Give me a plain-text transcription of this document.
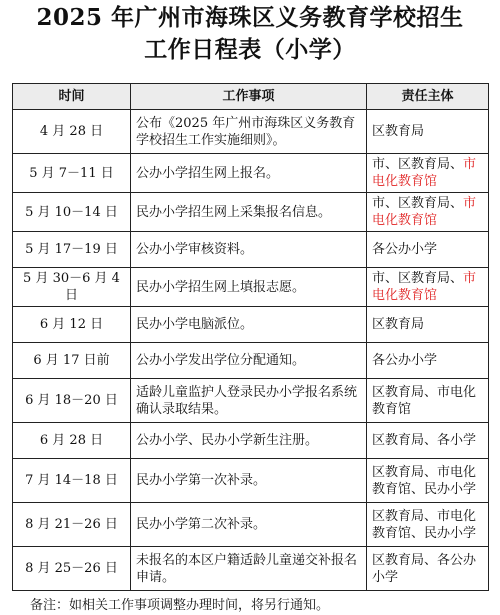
2025 年广州市海珠区义务教育学校招生
工作日程表（小学）
时间	工作事项	责任主体
4 月 28 日	公布《2025 年广州市海珠区义务教育学校招生工作实施细则》。	区教育局
5 月 7－11 日	公办小学招生网上报名。	市、区教育局、市电化教育馆
5 月 10－14 日	民办小学招生网上采集报名信息。	市、区教育局、市电化教育馆
5 月 17－19 日	公办小学审核资料。	各公办小学
5 月 30－6 月 4 日	民办小学招生网上填报志愿。	市、区教育局、市电化教育馆
6 月 12 日	民办小学电脑派位。	区教育局
6 月 17 日前	公办小学发出学位分配通知。	各公办小学
6 月 18－20 日	适龄儿童监护人登录民办小学报名系统确认录取结果。	区教育局、市电化教育馆
6 月 28 日	公办小学、民办小学新生注册。	区教育局、各小学
7 月 14－18 日	民办小学第一次补录。	区教育局、市电化教育馆、民办小学
8 月 21－26 日	民办小学第二次补录。	区教育局、市电化教育馆、民办小学
8 月 25－26 日	未报名的本区户籍适龄儿童递交补报名申请。	区教育局、各公办小学
备注：如相关工作事项调整办理时间，将另行通知。
